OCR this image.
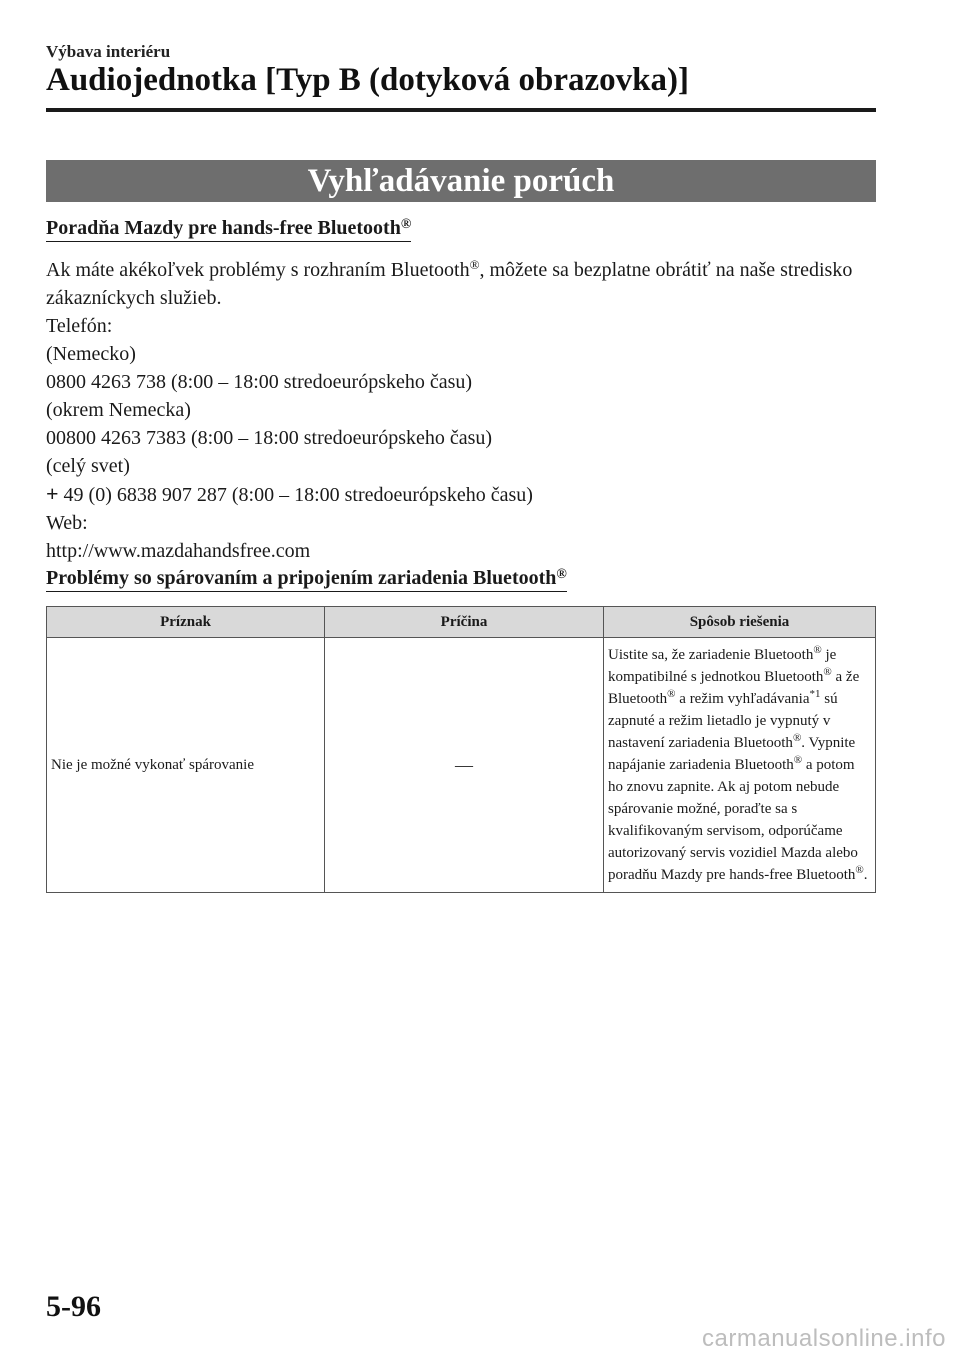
Výbava interiéru
Audiojednotka [Typ B (dotyková obrazovka)]
Vyhľadávanie porúch
Poradňa Mazdy pre hands-free Bluetooth®

Ak máte akékoľvek problémy s rozhraním Bluetooth®, môžete sa bezplatne obrátiť na naše stredisko zákazníckych služieb.

Telefón:

(Nemecko)

0800 4263 738 (8:00 – 18:00 stredoeurópskeho času)

(okrem Nemecka)

00800 4263 7383 (8:00 – 18:00 stredoeurópskeho času)

(celý svet)

+ 49 (0) 6838 907 287 (8:00 – 18:00 stredoeurópskeho času)

Web:

http://www.mazdahandsfree.com

Problémy so spárovaním a pripojením zariadenia Bluetooth®
Príznak	Príčina	Spôsob riešenia
Nie je možné vykonať spárovanie	—	Uistite sa, že zariadenie Bluetooth® je kompatibilné s jednotkou Bluetooth® a že Bluetooth® a režim vyhľadávania$^{*1}$ sú zapnuté a režim lietadlo je vypnutý v nastavení zariadenia Bluetooth®. Vypnite napájanie zariadenia Bluetooth® a potom ho znovu zapnite. Ak aj potom nebude spárovanie možné, poraďte sa s kvalifikovaným servisom, odporúčame autorizovaný servis vozidiel Mazda alebo poradňu Mazdy pre hands-free Bluetooth®.
5-96
carmanualsonline.info
